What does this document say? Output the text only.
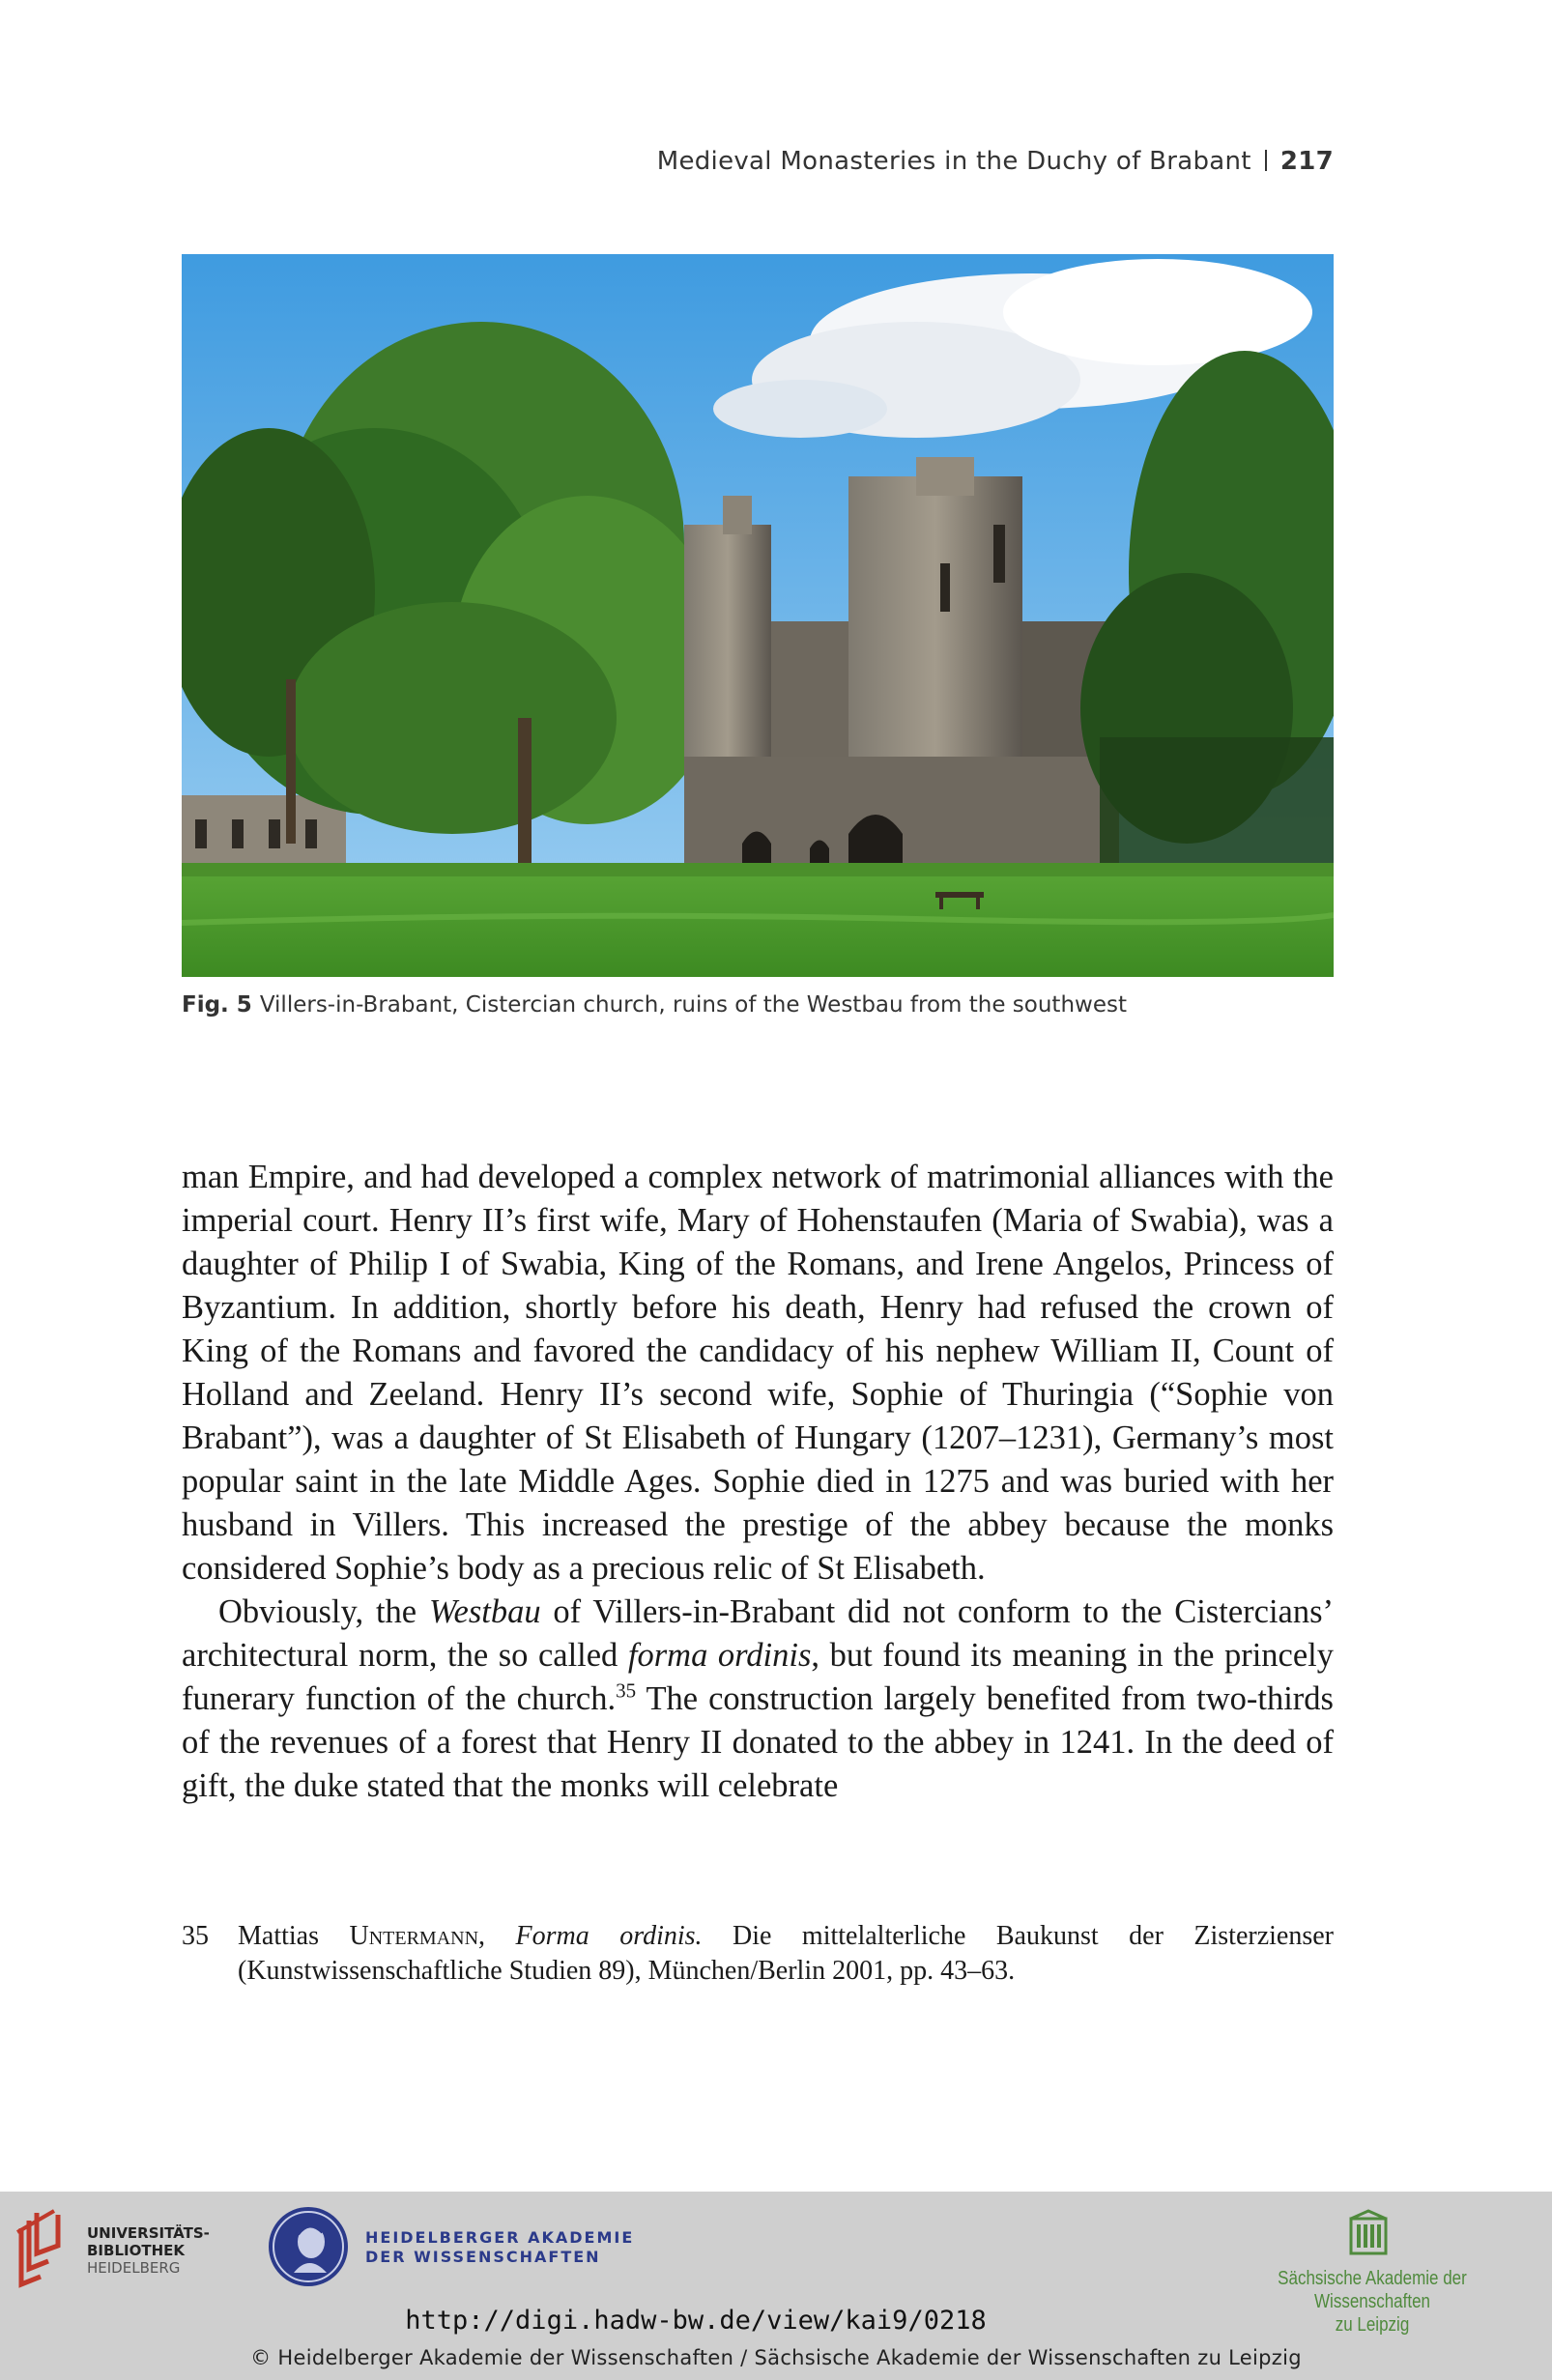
Medieval Monasteries in the Duchy of Brabant 217
Fig. 5 Villers-in-Brabant, Cistercian church, ruins of the Westbau from the southwest

man Empire, and had developed a complex network of matrimonial alliances with the imperial court. Henry II’s first wife, Mary of Hohenstaufen (Maria of Swabia), was a daughter of Philip I of Swabia, King of the Romans, and Irene Angelos, Princess of Byzantium. In addition, shortly before his death, Henry had refused the crown of King of the Romans and favored the candidacy of his nephew William II, Count of Holland and Zeeland. Henry II’s second wife, Sophie of Thuringia (“Sophie von Brabant”), was a daughter of St Elisabeth of Hungary (1207–1231), Germany’s most popular saint in the late Middle Ages. Sophie died in 1275 and was buried with her husband in Villers. This increased the prestige of the abbey because the monks considered Sophie’s body as a precious relic of St Elisabeth.

Obviously, the Westbau of Villers-in-Brabant did not conform to the Cistercians’ architectural norm, the so called forma ordinis, but found its meaning in the princely funerary function of the church.$^{35}$ The construction largely benefited from two-thirds of the revenues of a forest that Henry II donated to the abbey in 1241. In the deed of gift, the duke stated that the monks will celebrate

35 Mattias Untermann, Forma ordinis. Die mittelalterliche Baukunst der Zisterzienser (Kunstwissenschaftliche Studien 89), München/Berlin 2001, pp. 43–63.
UNIVERSITÄTS-
BIBLIOTHEK
HEIDELBERG
HEIDELBERGER AKADEMIE
DER WISSENSCHAFTEN
Sächsische Akademie der Wissenschaften
zu Leipzig
http://digi.hadw-bw.de/view/kai9/0218
© Heidelberger Akademie der Wissenschaften / Sächsische Akademie der Wissenschaften zu Leipzig
